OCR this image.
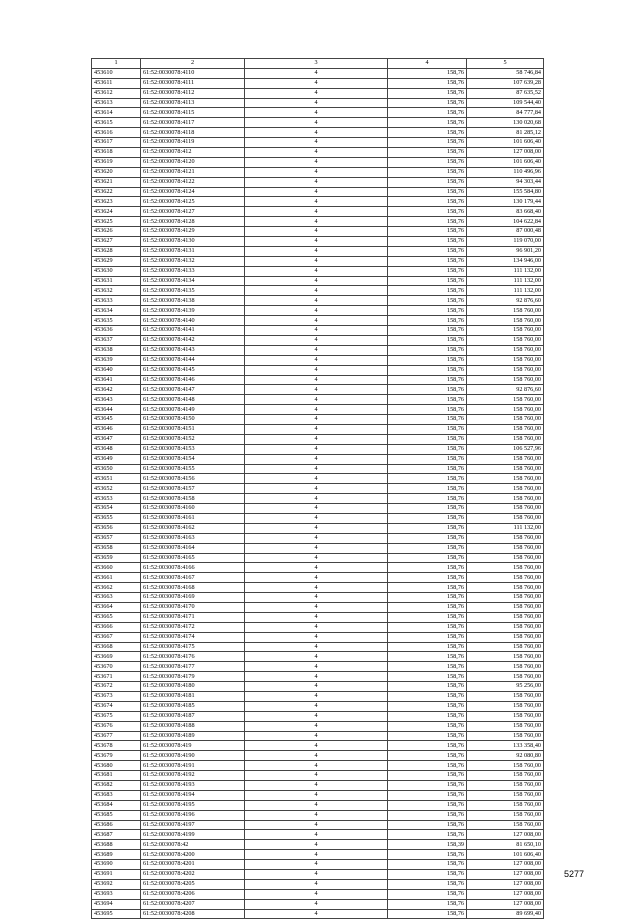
1	2	3	4	5
453610	61:52:0030078:4110	4	158,76	58 746,84
453611	61:52:0030078:4111	4	158,76	107 639,28
453612	61:52:0030078:4112	4	158,76	87 635,52
453613	61:52:0030078:4113	4	158,76	109 544,40
453614	61:52:0030078:4115	4	158,76	84 777,84
453615	61:52:0030078:4117	4	158,76	130 020,68
453616	61:52:0030078:4118	4	158,76	81 285,12
453617	61:52:0030078:4119	4	158,76	101 606,40
453618	61:52:0030078:412	4	158,76	127 008,00
453619	61:52:0030078:4120	4	158,76	101 606,40
453620	61:52:0030078:4121	4	158,76	110 496,96
453621	61:52:0030078:4122	4	158,76	94 303,44
453622	61:52:0030078:4124	4	158,76	155 584,80
453623	61:52:0030078:4125	4	158,76	130 179,44
453624	61:52:0030078:4127	4	158,76	83 668,40
453625	61:52:0030078:4128	4	158,76	104 622,84
453626	61:52:0030078:4129	4	158,76	87 000,48
453627	61:52:0030078:4130	4	158,76	119 070,00
453628	61:52:0030078:4131	4	158,76	96 901,20
453629	61:52:0030078:4132	4	158,76	134 946,00
453630	61:52:0030078:4133	4	158,76	111 132,00
453631	61:52:0030078:4134	4	158,76	111 132,00
453632	61:52:0030078:4135	4	158,76	111 132,00
453633	61:52:0030078:4138	4	158,76	92 876,60
453634	61:52:0030078:4139	4	158,76	158 760,00
453635	61:52:0030078:4140	4	158,76	158 760,00
453636	61:52:0030078:4141	4	158,76	158 760,00
453637	61:52:0030078:4142	4	158,76	158 760,00
453638	61:52:0030078:4143	4	158,76	158 760,00
453639	61:52:0030078:4144	4	158,76	158 760,00
453640	61:52:0030078:4145	4	158,76	158 760,00
453641	61:52:0030078:4146	4	158,76	158 760,00
453642	61:52:0030078:4147	4	158,76	92 876,60
453643	61:52:0030078:4148	4	158,76	158 760,00
453644	61:52:0030078:4149	4	158,76	158 760,00
453645	61:52:0030078:4150	4	158,76	158 760,00
453646	61:52:0030078:4151	4	158,76	158 760,00
453647	61:52:0030078:4152	4	158,76	158 760,00
453648	61:52:0030078:4153	4	158,76	106 527,96
453649	61:52:0030078:4154	4	158,76	158 760,00
453650	61:52:0030078:4155	4	158,76	158 760,00
453651	61:52:0030078:4156	4	158,76	158 760,00
453652	61:52:0030078:4157	4	158,76	158 760,00
453653	61:52:0030078:4158	4	158,76	158 760,00
453654	61:52:0030078:4160	4	158,76	158 760,00
453655	61:52:0030078:4161	4	158,76	158 760,00
453656	61:52:0030078:4162	4	158,76	111 132,00
453657	61:52:0030078:4163	4	158,76	158 760,00
453658	61:52:0030078:4164	4	158,76	158 760,00
453659	61:52:0030078:4165	4	158,76	158 760,00
453660	61:52:0030078:4166	4	158,76	158 760,00
453661	61:52:0030078:4167	4	158,76	158 760,00
453662	61:52:0030078:4168	4	158,76	158 760,00
453663	61:52:0030078:4169	4	158,76	158 760,00
453664	61:52:0030078:4170	4	158,76	158 760,00
453665	61:52:0030078:4171	4	158,76	158 760,00
453666	61:52:0030078:4172	4	158,76	158 760,00
453667	61:52:0030078:4174	4	158,76	158 760,00
453668	61:52:0030078:4175	4	158,76	158 760,00
453669	61:52:0030078:4176	4	158,76	158 760,00
453670	61:52:0030078:4177	4	158,76	158 760,00
453671	61:52:0030078:4179	4	158,76	158 760,00
453672	61:52:0030078:4180	4	158,76	95 256,00
453673	61:52:0030078:4181	4	158,76	158 760,00
453674	61:52:0030078:4185	4	158,76	158 760,00
453675	61:52:0030078:4187	4	158,76	158 760,00
453676	61:52:0030078:4188	4	158,76	158 760,00
453677	61:52:0030078:4189	4	158,76	158 760,00
453678	61:52:0030078:419	4	158,76	133 358,40
453679	61:52:0030078:4190	4	158,76	92 080,80
453680	61:52:0030078:4191	4	158,76	158 760,00
453681	61:52:0030078:4192	4	158,76	158 760,00
453682	61:52:0030078:4193	4	158,76	158 760,00
453683	61:52:0030078:4194	4	158,76	158 760,00
453684	61:52:0030078:4195	4	158,76	158 760,00
453685	61:52:0030078:4196	4	158,76	158 760,00
453686	61:52:0030078:4197	4	158,76	158 760,00
453687	61:52:0030078:4199	4	158,76	127 008,00
453688	61:52:0030078:42	4	158,39	81 650,10
453689	61:52:0030078:4200	4	158,76	101 606,40
453690	61:52:0030078:4201	4	158,76	127 008,00
453691	61:52:0030078:4202	4	158,76	127 008,00
453692	61:52:0030078:4205	4	158,76	127 008,00
453693	61:52:0030078:4206	4	158,76	127 008,00
453694	61:52:0030078:4207	4	158,76	127 008,00
453695	61:52:0030078:4208	4	158,76	89 699,40
5277
